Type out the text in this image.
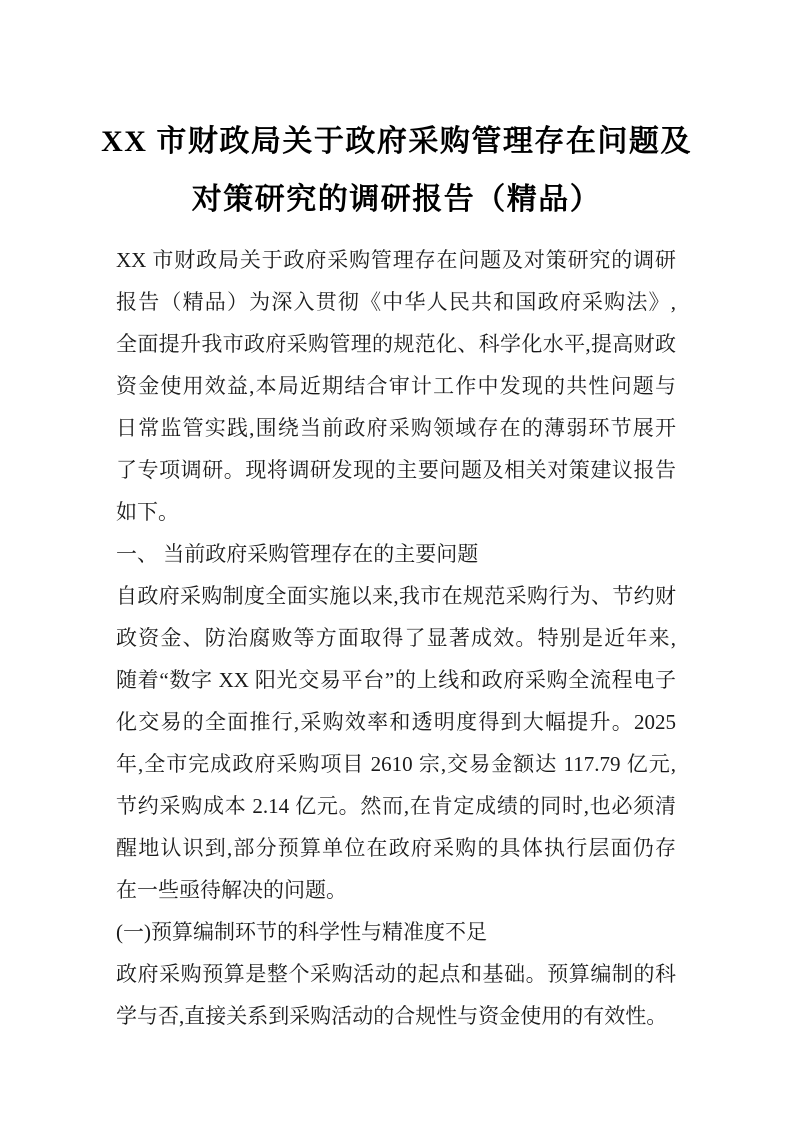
XX 市财政局关于政府采购管理存在问题及
对策研究的调研报告（精品）
XX 市财政局关于政府采购管理存在问题及对策研究的调研
报告（精品）为深入贯彻《中华人民共和国政府采购法》,
全面提升我市政府采购管理的规范化、科学化水平,提高财政
资金使用效益,本局近期结合审计工作中发现的共性问题与
日常监管实践,围绕当前政府采购领域存在的薄弱环节展开
了专项调研。现将调研发现的主要问题及相关对策建议报告
如下。
一、 当前政府采购管理存在的主要问题
自政府采购制度全面实施以来,我市在规范采购行为、节约财
政资金、防治腐败等方面取得了显著成效。特别是近年来,
随着“数字 XX 阳光交易平台”的上线和政府采购全流程电子
化交易的全面推行,采购效率和透明度得到大幅提升。2025
年,全市完成政府采购项目 2610 宗,交易金额达 117.79 亿元,
节约采购成本 2.14 亿元。然而,在肯定成绩的同时,也必须清
醒地认识到,部分预算单位在政府采购的具体执行层面仍存
在一些亟待解决的问题。
(一)预算编制环节的科学性与精准度不足
政府采购预算是整个采购活动的起点和基础。预算编制的科
学与否,直接关系到采购活动的合规性与资金使用的有效性。
